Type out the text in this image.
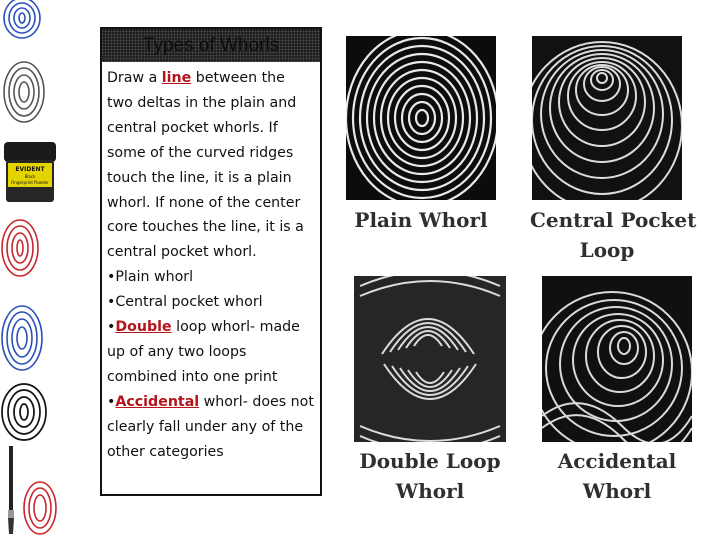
EVIDENT
Black
Fingerprint Powder
Types of Whorls
Draw a line between the two deltas in the plain and central pocket whorls. If some of the curved ridges touch the line, it is a plain whorl. If none of the center core touches the line, it is a central pocket whorl.
•Plain whorl
•Central pocket whorl
•Double loop whorl- made up of any two loops combined into one print
•Accidental whorl- does not clearly fall under any of the other categories
Plain Whorl	Central Pocket
Loop
Double Loop
Whorl
Accidental
Whorl
